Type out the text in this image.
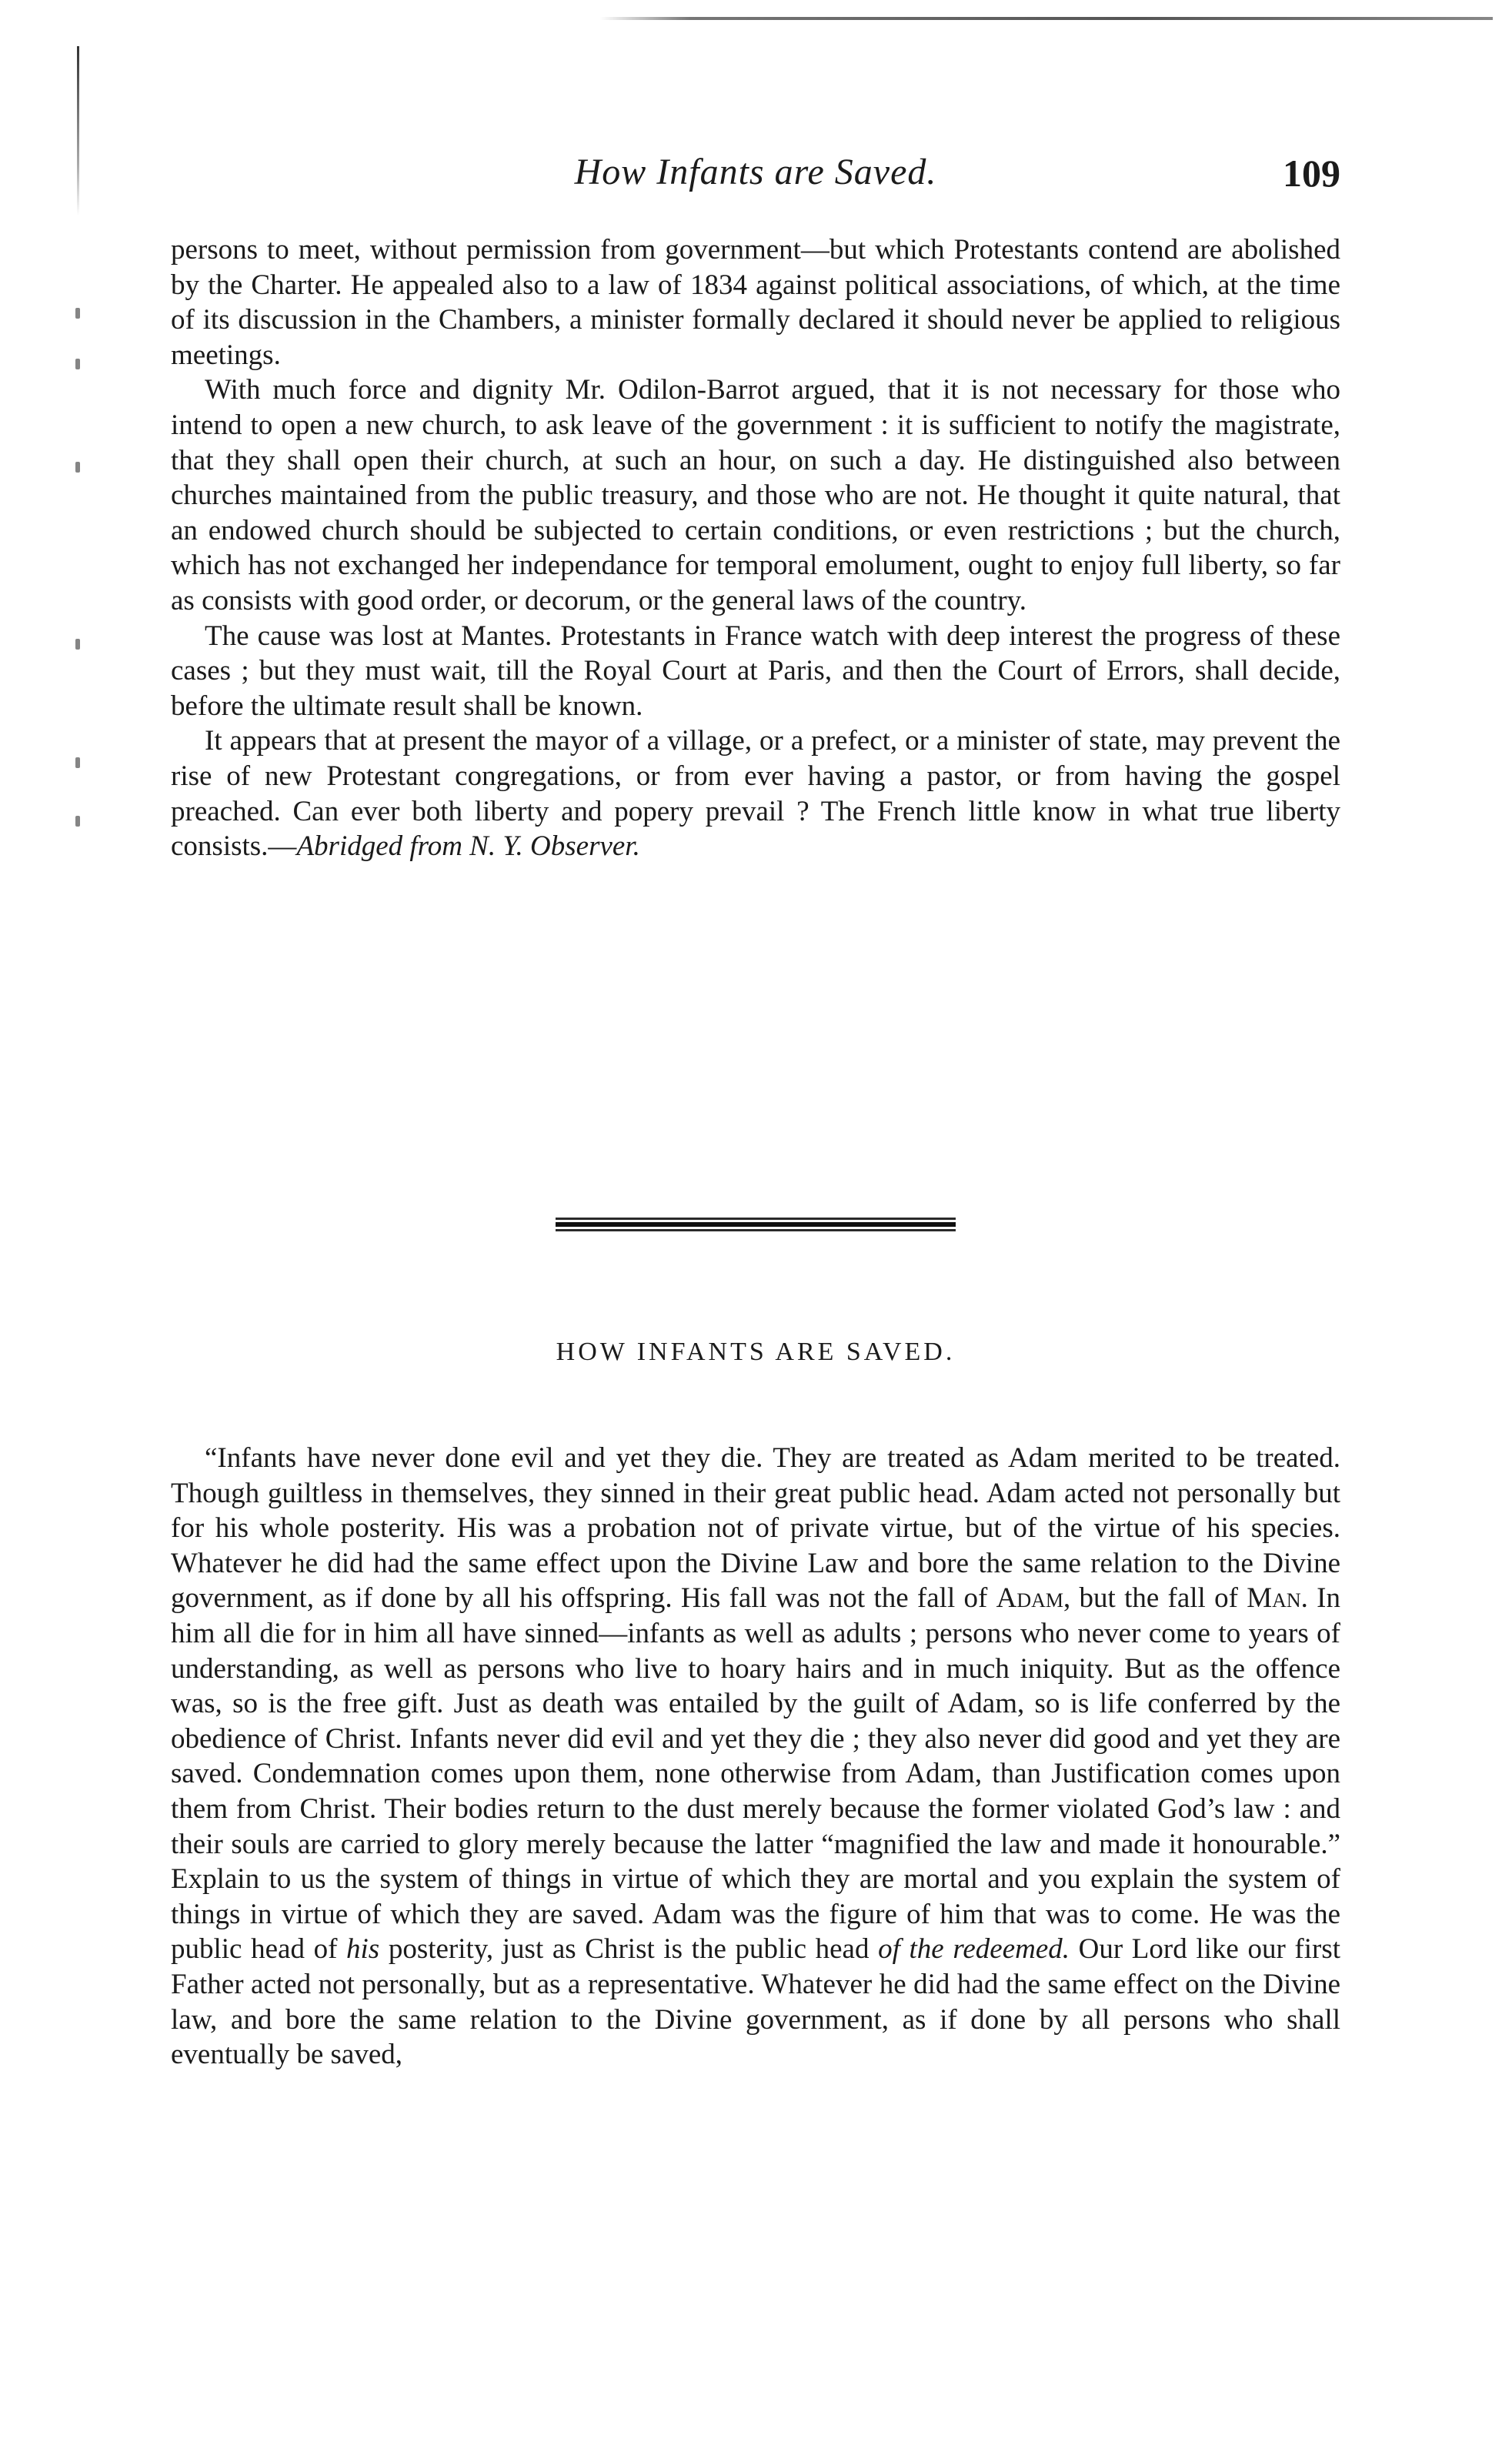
How Infants are Saved.	109

persons to meet, without permission from government—but which Protestants contend are abolished by the Charter. He appealed also to a law of 1834 against political associations, of which, at the time of its discussion in the Chambers, a minister formally declared it should never be applied to religious meetings.

With much force and dignity Mr. Odilon-Barrot argued, that it is not necessary for those who intend to open a new church, to ask leave of the government : it is sufficient to notify the magistrate, that they shall open their church, at such an hour, on such a day. He distinguished also between churches maintained from the public treasury, and those who are not. He thought it quite natural, that an endowed church should be subjected to certain conditions, or even restrictions ; but the church, which has not exchanged her independance for temporal emolument, ought to enjoy full liberty, so far as consists with good order, or decorum, or the general laws of the country.

The cause was lost at Mantes. Protestants in France watch with deep interest the progress of these cases ; but they must wait, till the Royal Court at Paris, and then the Court of Errors, shall decide, before the ultimate result shall be known.

It appears that at present the mayor of a village, or a prefect, or a minister of state, may prevent the rise of new Protestant congregations, or from ever having a pastor, or from having the gospel preached. Can ever both liberty and popery prevail ? The French little know in what true liberty consists.—Abridged from N. Y. Observer.

HOW INFANTS ARE SAVED.

“Infants have never done evil and yet they die. They are treated as Adam merited to be treated. Though guiltless in themselves, they sinned in their great public head. Adam acted not personally but for his whole posterity. His was a probation not of private virtue, but of the virtue of his species. Whatever he did had the same effect upon the Divine Law and bore the same relation to the Divine government, as if done by all his offspring. His fall was not the fall of Adam, but the fall of Man. In him all die for in him all have sinned—infants as well as adults ; persons who never come to years of understanding, as well as persons who live to hoary hairs and in much iniquity. But as the offence was, so is the free gift. Just as death was entailed by the guilt of Adam, so is life conferred by the obedience of Christ. Infants never did evil and yet they die ; they also never did good and yet they are saved. Condemnation comes upon them, none otherwise from Adam, than Justification comes upon them from Christ. Their bodies return to the dust merely because the former violated God’s law : and their souls are carried to glory merely because the latter “magnified the law and made it honourable.” Explain to us the system of things in virtue of which they are mortal and you explain the system of things in virtue of which they are saved. Adam was the figure of him that was to come. He was the public head of his posterity, just as Christ is the public head of the redeemed. Our Lord like our first Father acted not personally, but as a representative. Whatever he did had the same effect on the Divine law, and bore the same relation to the Divine government, as if done by all persons who shall eventually be saved,
